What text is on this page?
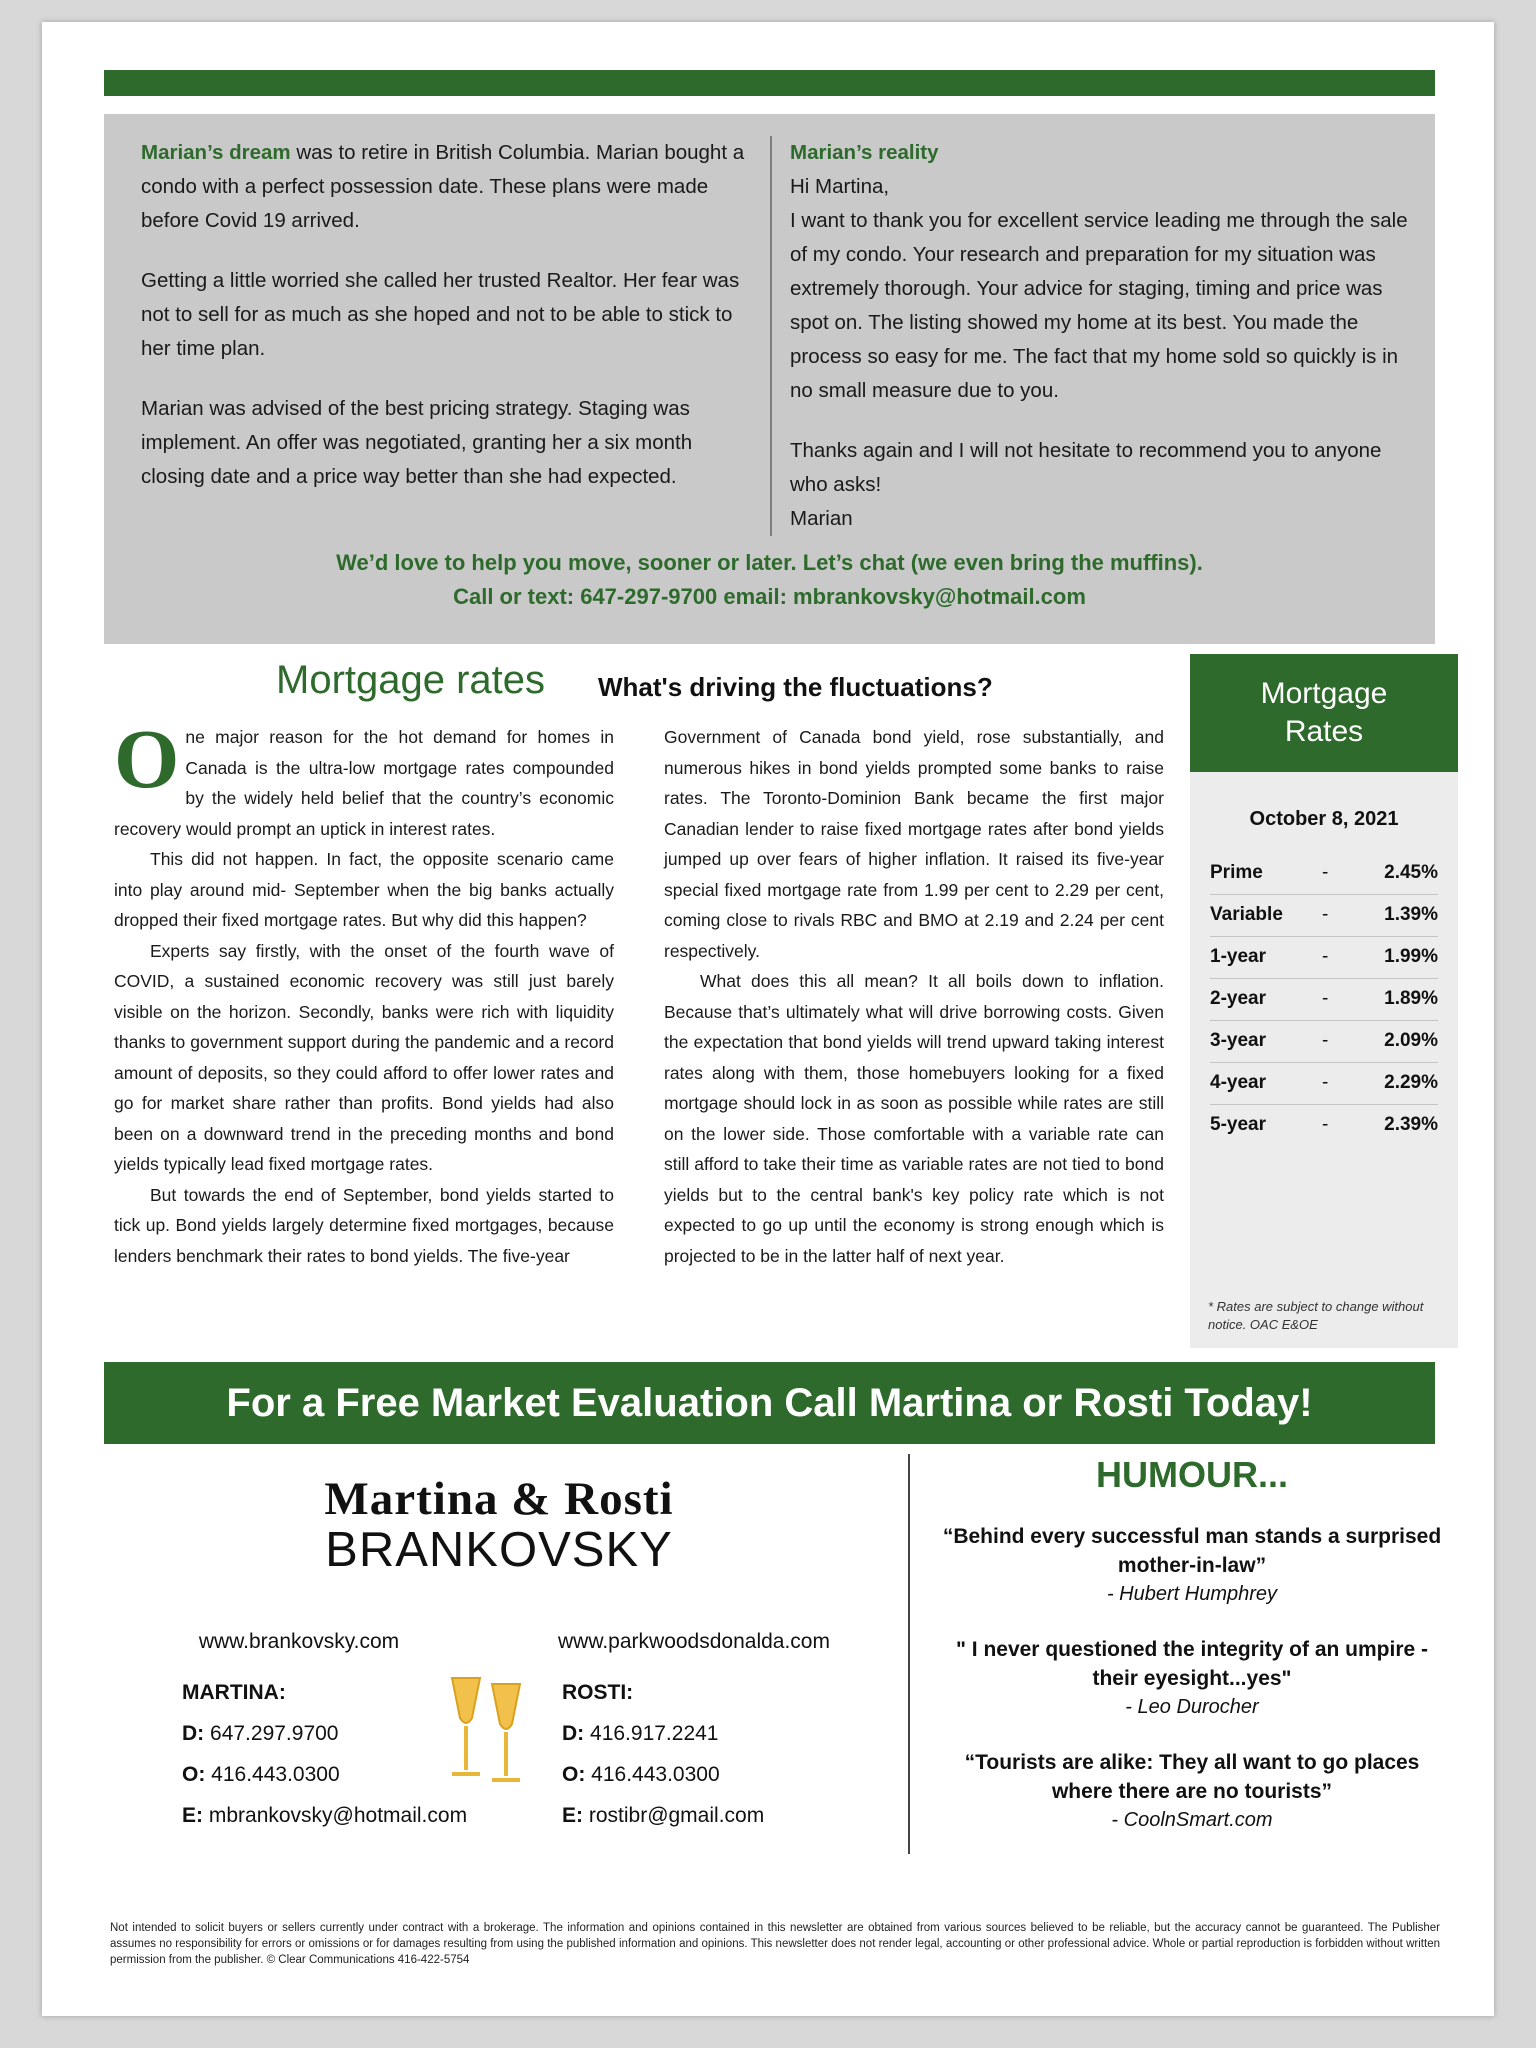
Marian’s dream was to retire in British Columbia. Marian bought a condo with a perfect possession date. These plans were made before Covid 19 arrived.

Getting a little worried she called her trusted Realtor. Her fear was not to sell for as much as she hoped and not to be able to stick to her time plan.

Marian was advised of the best pricing strategy. Staging was implement. An offer was negotiated, granting her a six month closing date and a price way better than she had expected.

Marian’s reality

Hi Martina,

I want to thank you for excellent service leading me through the sale of my condo. Your research and preparation for my situation was extremely thorough. Your advice for staging, timing and price was spot on. The listing showed my home at its best. You made the process so easy for me. The fact that my home sold so quickly is in no small measure due to you.

Thanks again and I will not hesitate to recommend you to anyone who asks!

Marian

We’d love to help you move, sooner or later. Let’s chat (we even bring the muffins).
Call or text: 647-297-9700 email: mbrankovsky@hotmail.com
Mortgage rates What's driving the fluctuations?

One major reason for the hot demand for homes in Canada is the ultra-low mortgage rates compounded by the widely held belief that the country’s economic recovery would prompt an uptick in interest rates.

This did not happen. In fact, the opposite scenario came into play around mid- September when the big banks actually dropped their fixed mortgage rates. But why did this happen?

Experts say firstly, with the onset of the fourth wave of COVID, a sustained economic recovery was still just barely visible on the horizon. Secondly, banks were rich with liquidity thanks to government support during the pandemic and a record amount of deposits, so they could afford to offer lower rates and go for market share rather than profits. Bond yields had also been on a downward trend in the preceding months and bond yields typically lead fixed mortgage rates.

But towards the end of September, bond yields started to tick up. Bond yields largely determine fixed mortgages, because lenders benchmark their rates to bond yields. The five-year

Government of Canada bond yield, rose substantially, and numerous hikes in bond yields prompted some banks to raise rates. The Toronto-Dominion Bank became the first major Canadian lender to raise fixed mortgage rates after bond yields jumped up over fears of higher inflation. It raised its five-year special fixed mortgage rate from 1.99 per cent to 2.29 per cent, coming close to rivals RBC and BMO at 2.19 and 2.24 per cent respectively.

What does this all mean? It all boils down to inflation. Because that’s ultimately what will drive borrowing costs. Given the expectation that bond yields will trend upward taking interest rates along with them, those homebuyers looking for a fixed mortgage should lock in as soon as possible while rates are still on the lower side. Those comfortable with a variable rate can still afford to take their time as variable rates are not tied to bond yields but to the central bank's key policy rate which is not expected to go up until the economy is strong enough which is projected to be in the latter half of next year.

Mortgage
Rates
October 8, 2021
Prime	-	2.45%
Variable	-	1.39%
1-year	-	1.99%
2-year	-	1.89%
3-year	-	2.09%
4-year	-	2.29%
5-year	-	2.39%
* Rates are subject to change without notice. OAC E&OE
For a Free Market Evaluation Call Martina or Rosti Today!
Martina & Rosti
BRANKOVSKY
www.brankovsky.com	www.parkwoodsdonalda.com
MARTINA:
D: 647.297.9700
O: 416.443.0300
E: mbrankovsky@hotmail.com
ROSTI:
D: 416.917.2241
O: 416.443.0300
E: rostibr@gmail.com
HUMOUR...
“Behind every successful man stands a surprised mother-in-law”
- Hubert Humphrey
" I never questioned the integrity of an umpire - their eyesight...yes"
- Leo Durocher
“Tourists are alike: They all want to go places where there are no tourists”
- CoolnSmart.com
Not intended to solicit buyers or sellers currently under contract with a brokerage. The information and opinions contained in this newsletter are obtained from various sources believed to be reliable, but the accuracy cannot be guaranteed. The Publisher assumes no responsibility for errors or omissions or for damages resulting from using the published information and opinions. This newsletter does not render legal, accounting or other professional advice. Whole or partial reproduction is forbidden without written permission from the publisher. © Clear Communications 416-422-5754
